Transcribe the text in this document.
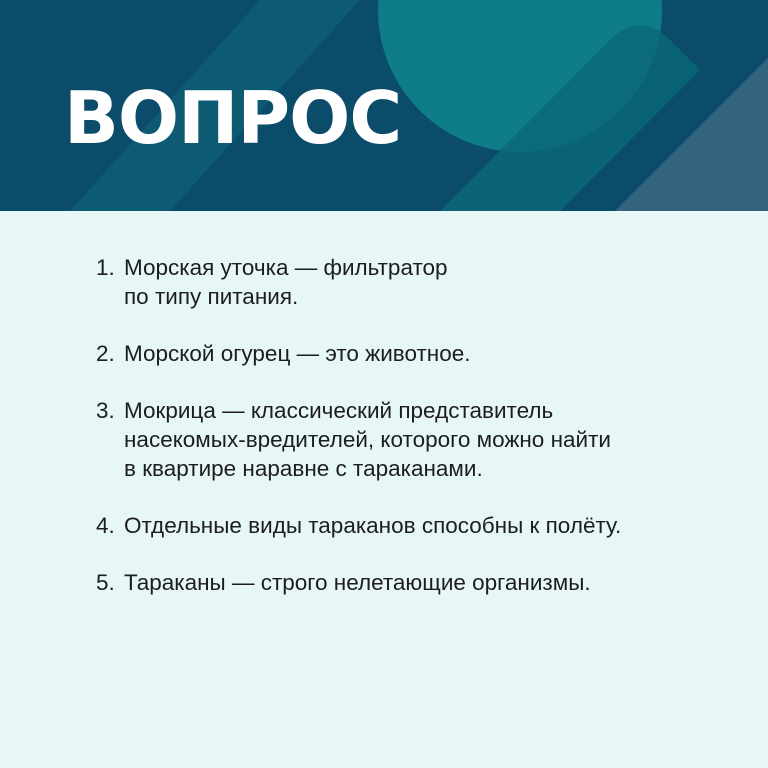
ВОПРОС
1. Морская уточка — фильтратор
по типу питания.
2. Морской огурец — это животное.
3. Мокрица — классический представитель
насекомых-вредителей, которого можно найти
в квартире наравне с тараканами.
4. Отдельные виды тараканов способны к полёту.
5. Тараканы — строго нелетающие организмы.
